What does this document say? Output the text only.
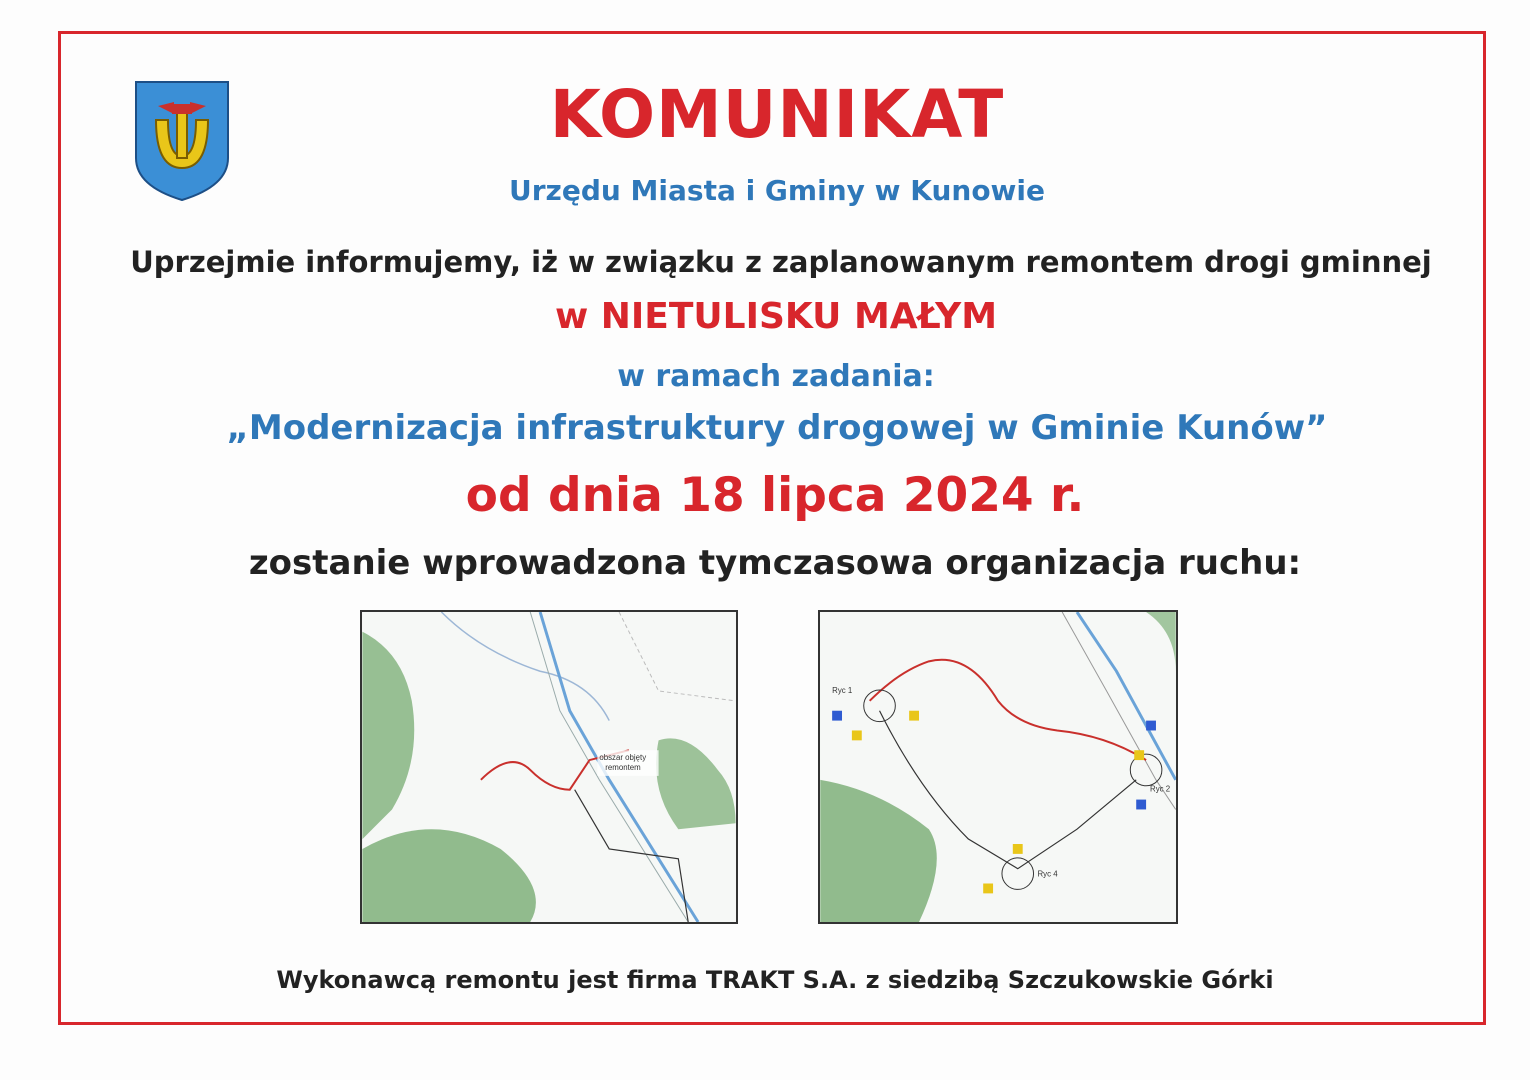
KOMUNIKAT
Urzędu Miasta i Gminy w Kunowie
Uprzejmie informujemy, iż w związku z zaplanowanym remontem drogi gminnej
w NIETULISKU MAŁYM
w ramach zadania:
„Modernizacja infrastruktury drogowej w Gminie Kunów”
od dnia 18 lipca 2024 r.
zostanie wprowadzona tymczasowa organizacja ruchu:
obszar objęty
remontem
Ryc 1
Ryc 2
Ryc 4
Wykonawcą remontu jest firma TRAKT S.A. z siedzibą Szczukowskie Górki
